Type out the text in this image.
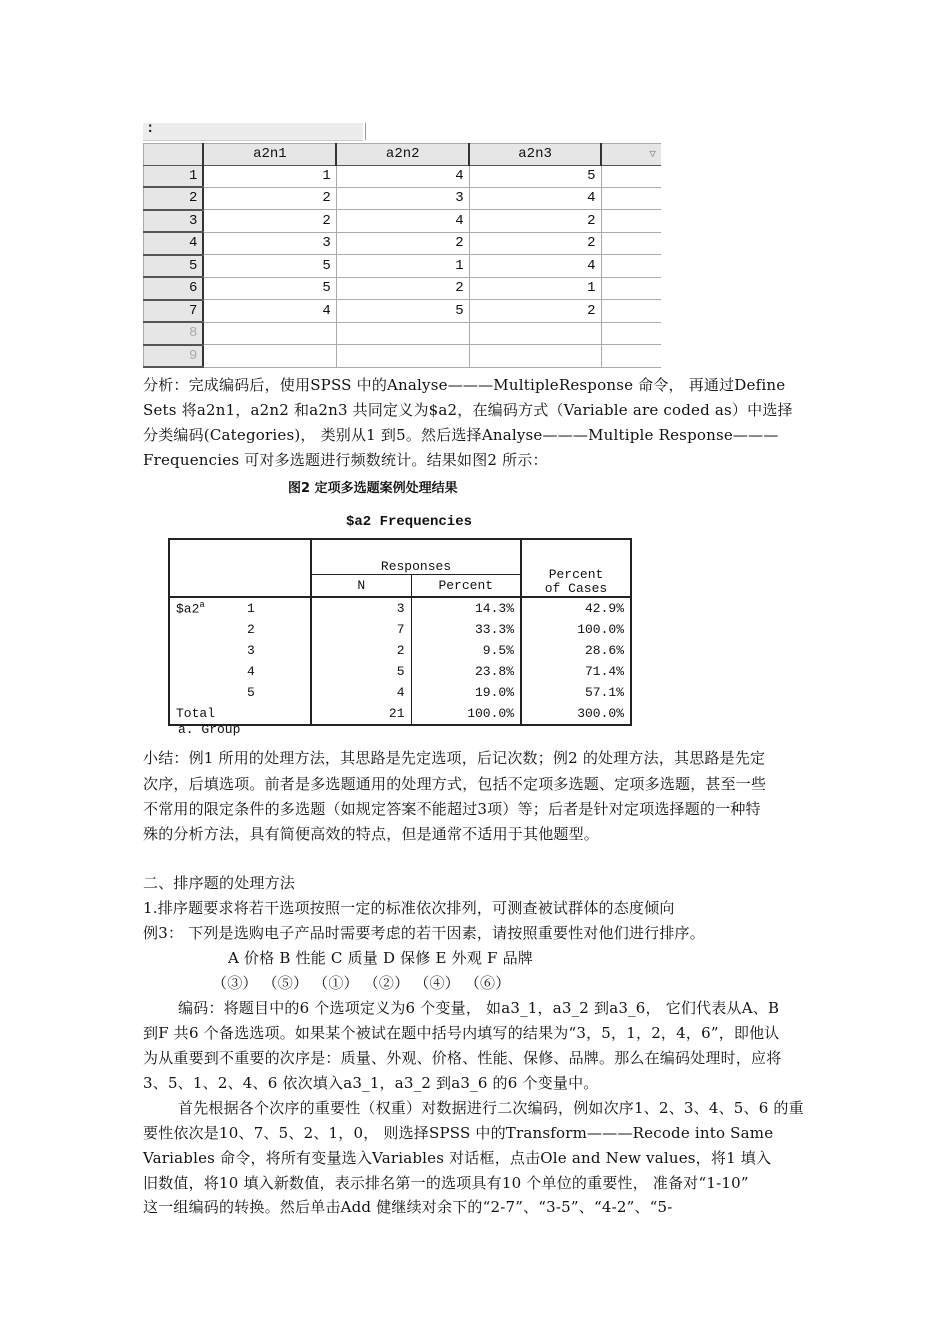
:
	a2n1	a2n2	a2n3	▽
1	1	4	5	
2	2	3	4	
3	2	4	2	
4	3	2	2	
5	5	1	4	
6	5	2	1	
7	4	5	2	
8				
9				
分析：完成编码后，使用SPSS 中的Analyse———MultipleResponse 命令， 再通过Define
Sets 将a2n1，a2n2 和a2n3 共同定义为$a2，在编码方式（Variable are coded as）中选择
分类编码(Categories)， 类别从1 到5。然后选择Analyse———Multiple Response———
Frequencies 可对多选题进行频数统计。结果如图2 所示：
图2 定项多选题案例处理结果
$a2 Frequencies
		Responses		Percent
of Cases
		N	Percent	
$a2$^a$	1	3	14.3%	42.9%
	2	7	33.3%	100.0%
	3	2	9.5%	28.6%
	4	5	23.8%	71.4%
	5	4	19.0%	57.1%
Total		21	100.0%	300.0%
a. Group
小结：例1 所用的处理方法，其思路是先定选项，后记次数；例2 的处理方法，其思路是先定
次序，后填选项。前者是多选题通用的处理方式，包括不定项多选题、定项多选题，甚至一些
不常用的限定条件的多选题（如规定答案不能超过3项）等；后者是针对定项选择题的一种特
殊的分析方法，具有简便高效的特点，但是通常不适用于其他题型。
二、排序题的处理方法
1.排序题要求将若干选项按照一定的标准依次排列，可测查被试群体的态度倾向
例3： 下列是选购电子产品时需要考虑的若干因素，请按照重要性对他们进行排序。
A 价格 B 性能 C 质量 D 保修 E 外观 F 品牌
（③） （⑤） （①） （②） （④） （⑥）
编码：将题目中的6 个选项定义为6 个变量， 如a3_1，a3_2 到a3_6， 它们代表从A、B
到F 共6 个备选选项。如果某个被试在题中括号内填写的结果为“3，5，1，2，4，6”，即他认
为从重要到不重要的次序是：质量、外观、价格、性能、保修、品牌。那么在编码处理时，应将
3、5、1、2、4、6 依次填入a3_1，a3_2 到a3_6 的6 个变量中。
首先根据各个次序的重要性（权重）对数据进行二次编码，例如次序1、2、3、4、5、6 的重
要性依次是10、7、5、2、1，0， 则选择SPSS 中的Transform———Recode into Same
Variables 命令，将所有变量选入Variables 对话框，点击Ole and New values，将1 填入
旧数值，将10 填入新数值，表示排名第一的选项具有10 个单位的重要性， 准备对“1-10”
这一组编码的转换。然后单击Add 健继续对余下的“2-7”、“3-5”、“4-2”、“5-
